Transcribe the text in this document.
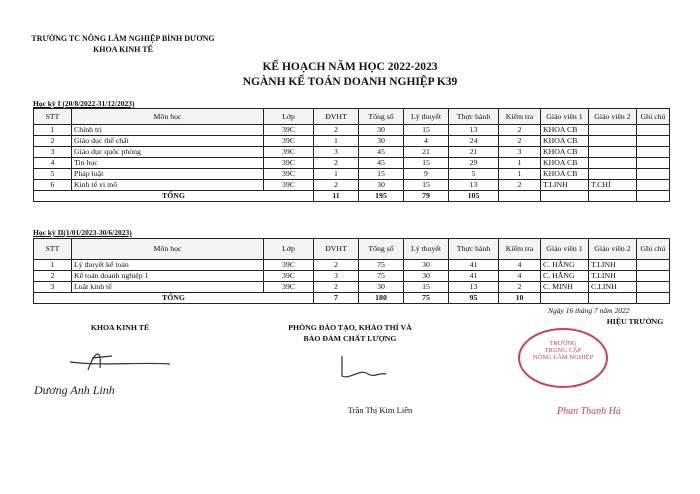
TRƯỜNG TC NÔNG LÂM NGHIỆP BÌNH DƯƠNG
KHOA KINH TẾ
KẾ HOẠCH NĂM HỌC 2022-2023
NGÀNH KẾ TOÁN DOANH NGHIỆP K39
Học kỳ I (20/8/2022-31/12/2023)
STT	Môn học	Lớp	ĐVHT	Tổng số	Lý thuyết	Thực hành	Kiểm tra	Giáo viên 1	Giáo viên 2	Ghi chú
1	Chính trị	39C	2	30	15	13	2	KHOA CB		
2	Giáo dục thể chất	39C	1	30	4	24	2	KHOA CB		
3	Giáo dục quốc phòng	39C	3	45	21	21	3	KHOA CB		
4	Tin học	39C	2	45	15	29	1	KHOA CB		
5	Pháp luật	39C	1	15	9	5	1	KHOA CB		
6	Kinh tế vi mô	39C	2	30	15	13	2	T.LINH	T.CHÍ	
TỔNG			11	195	79	105				
Học kỳ II(1/01/2023-30/6/2023)
STT	Môn học	Lớp	ĐVHT	Tổng số	Lý thuyết	Thực hành	Kiểm tra	Giáo viên 1	Giáo viên 2	Ghi chú
1	Lý thuyết kế toán	39C	2	75	30	41	4	C. HẰNG	T.LINH	
2	Kế toán doanh nghiệp 1	39C	3	75	30	41	4	C. HẰNG	T.LINH	
3	Luật kinh tế	39C	2	30	15	13	2	C. MINH	C.LINH	
TỔNG			7	180	75	95	10			
KHOA KINH TẾ
Dương Anh Linh
PHÒNG ĐÀO TẠO, KHẢO THÍ VÀ
BẢO ĐẢM CHẤT LƯỢNG
Trần Thị Kim Liên
Ngày 16 tháng 7 năm 2022
HIỆU TRƯỞNG
TRƯỜNG
TRUNG CẤP
NÔNG LÂM NGHIỆP
Phan Thanh Hà
